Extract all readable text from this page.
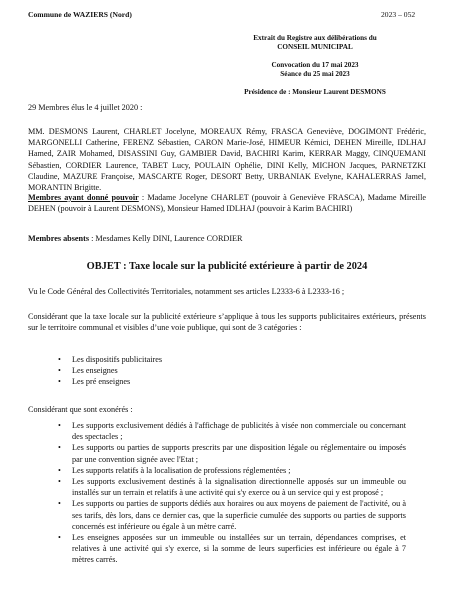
Commune de WAZIERS (Nord)	2023 – 052
Extrait du Registre aux délibérations du
CONSEIL MUNICIPAL
Convocation du 17 mai 2023
Séance du 25 mai 2023
Présidence de : Monsieur Laurent DESMONS
29 Membres élus le 4 juillet 2020 :
MM. DESMONS Laurent, CHARLET Jocelyne, MOREAUX Rémy, FRASCA Geneviève, DOGIMONT Frédéric, MARGONELLI Catherine, FERENZ Sébastien, CARON Marie-José, HIMEUR Kémici, DEHEN Mireille, IDLHAJ Hamed, ZAIR Mohamed, DISASSINI Guy, GAMBIER David, BACHIRI Karim, KERRAR Maggy, CINQUEMANI Sébastien, CORDIER Laurence, TABET Lucy, POULAIN Ophélie, DINI Kelly, MICHON Jacques, PARNETZKI Claudine, MAZURE Françoise, MASCARTE Roger, DESORT Betty, URBANIAK Evelyne, KAHALERRAS Jamel, MORANTIN Brigitte.
Membres ayant donné pouvoir : Madame Jocelyne CHARLET (pouvoir à Geneviève FRASCA), Madame Mireille DEHEN (pouvoir à Laurent DESMONS), Monsieur Hamed IDLHAJ (pouvoir à Karim BACHIRI)
Membres absents : Mesdames Kelly DINI, Laurence CORDIER
OBJET : Taxe locale sur la publicité extérieure à partir de 2024
Vu le Code Général des Collectivités Territoriales, notamment ses articles L2333-6 à L2333-16 ;
Considérant que la taxe locale sur la publicité extérieure s’applique à tous les supports publicitaires extérieurs, présents sur le territoire communal et visibles d’une voie publique, qui sont de 3 catégories :
• Les dispositifs publicitaires
• Les enseignes
• Les pré enseignes
Considérant que sont exonérés :
• Les supports exclusivement dédiés à l'affichage de publicités à visée non commerciale ou concernant des spectacles ;
• Les supports ou parties de supports prescrits par une disposition légale ou réglementaire ou imposés par une convention signée avec l'Etat ;
• Les supports relatifs à la localisation de professions réglementées ;
• Les supports exclusivement destinés à la signalisation directionnelle apposés sur un immeuble ou installés sur un terrain et relatifs à une activité qui s'y exerce ou à un service qui y est proposé ;
• Les supports ou parties de supports dédiés aux horaires ou aux moyens de paiement de l'activité, ou à ses tarifs, dès lors, dans ce dernier cas, que la superficie cumulée des supports ou parties de supports concernés est inférieure ou égale à un mètre carré.
• Les enseignes apposées sur un immeuble ou installées sur un terrain, dépendances comprises, et relatives à une activité qui s'y exerce, si la somme de leurs superficies est inférieure ou égale à 7 mètres carrés.
